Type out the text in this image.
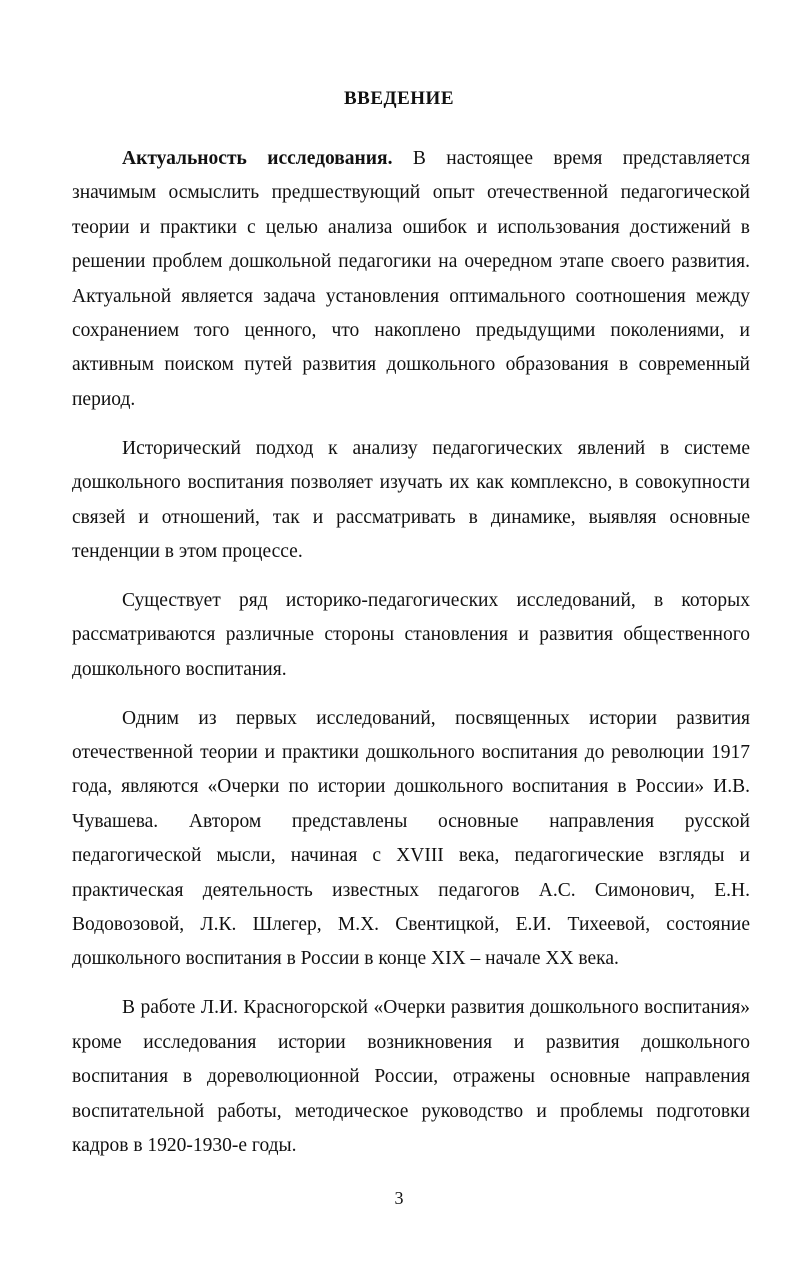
ВВЕДЕНИЕ

Актуальность исследования. В настоящее время представляется значимым осмыслить предшествующий опыт отечественной педагогической теории и практики с целью анализа ошибок и использования достижений в решении проблем дошкольной педагогики на очередном этапе своего развития. Актуальной является задача установления оптимального соотношения между сохранением того ценного, что накоплено предыдущими поколениями, и активным поиском путей развития дошкольного образования в современный период.

Исторический подход к анализу педагогических явлений в системе дошкольного воспитания позволяет изучать их как комплексно, в совокупности связей и отношений, так и рассматривать в динамике, выявляя основные тенденции в этом процессе.

Существует ряд историко-педагогических исследований, в которых рассматриваются различные стороны становления и развития общественного дошкольного воспитания.

Одним из первых исследований, посвященных истории развития отечественной теории и практики дошкольного воспитания до революции 1917 года, являются «Очерки по истории дошкольного воспитания в России» И.В. Чувашева. Автором представлены основные направления русской педагогической мысли, начиная с XVIII века, педагогические взгляды и практическая деятельность известных педагогов А.С. Симонович, Е.Н. Водовозовой, Л.К. Шлегер, М.Х. Свентицкой, Е.И. Тихеевой, состояние дошкольного воспитания в России в конце XIX – начале XX века.

В работе Л.И. Красногорской «Очерки развития дошкольного воспитания» кроме исследования истории возникновения и развития дошкольного воспитания в дореволюционной России, отражены основные направления воспитательной работы, методическое руководство и проблемы подготовки кадров в 1920-1930-е годы.

3
